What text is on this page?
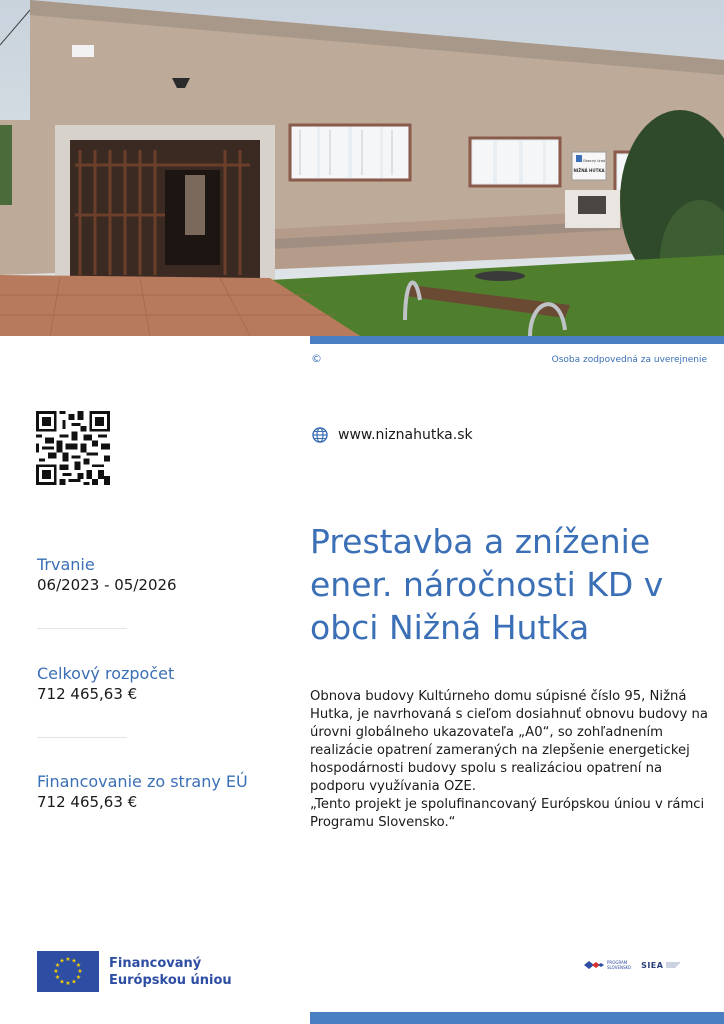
Obecný úrad
NIŽNÁ HUTKA
©	Osoba zodpovedná za uverejnenie
www.niznahutka.sk
Trvanie
06/2023 - 05/2026
Celkový rozpočet
712 465,63 €
Financovanie zo strany EÚ
712 465,63 €
Prestavba a zníženie ener. náročnosti KD v obci Nižná Hutka
Obnova budovy Kultúrneho domu súpisné číslo 95, Nižná Hutka, je navrhovaná s cieľom dosiahnuť obnovu budovy na úrovni globálneho ukazovateľa „A0“, so zohľadnením realizácie opatrení zameraných na zlepšenie energetickej hospodárnosti budovy spolu s realizáciou opatrení na podporu využívania OZE.
„Tento projekt je spolufinancovaný Európskou úniou v rámci Programu Slovensko.“
★ ★
★
★
★
★
★
★
★
★
★
★	Financovaný
Európskou úniou
PROGRAM
SLOVENSKO SIEA
